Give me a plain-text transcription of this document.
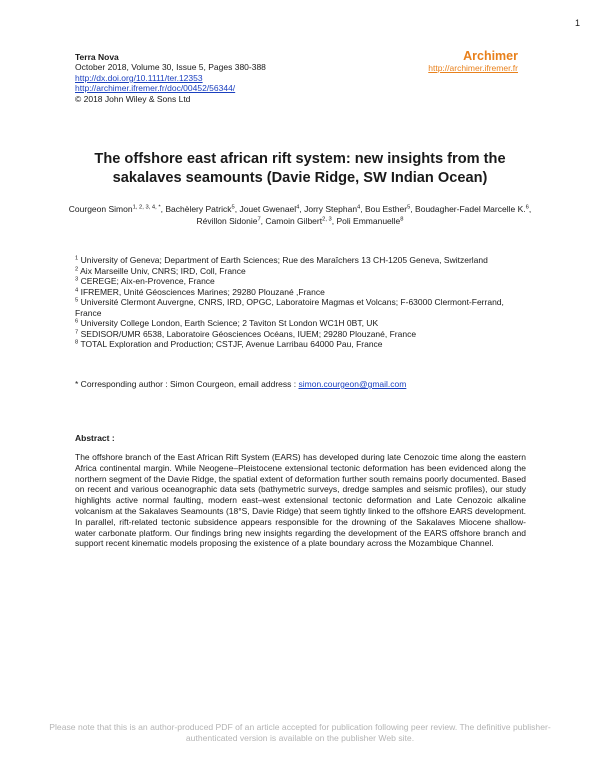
1
Terra Nova
October 2018, Volume 30, Issue 5, Pages 380-388
http://dx.doi.org/10.1111/ter.12353
http://archimer.ifremer.fr/doc/00452/56344/
© 2018 John Wiley & Sons Ltd
Archimer
http://archimer.ifremer.fr
The offshore east african rift system: new insights from the sakalaves seamounts (Davie Ridge, SW Indian Ocean)
Courgeon Simon$^{1, 2, 3, 4, *}$, Bachèlery Patrick$^5$, Jouet Gwenael$^4$, Jorry Stephan$^4$, Bou Esther$^5$, Boudagher-Fadel Marcelle K.$^6$, Révillon Sidonie$^7$, Camoin Gilbert$^{2, 3}$, Poli Emmanuelle$^8$

$^1$ University of Geneva; Department of Earth Sciences; Rue des Maraîchers 13 CH-1205 Geneva, Switzerland

$^2$ Aix Marseille Univ, CNRS; IRD, Coll, France

$^3$ CEREGE; Aix-en-Provence, France

$^4$ IFREMER, Unité Géosciences Marines; 29280 Plouzané ,France

$^5$ Université Clermont Auvergne, CNRS, IRD, OPGC, Laboratoire Magmas et Volcans; F-63000 Clermont-Ferrand, France

$^6$ University College London, Earth Science; 2 Taviton St London WC1H 0BT, UK

$^7$ SEDISOR/UMR 6538, Laboratoire Géosciences Océans, IUEM; 29280 Plouzané, France

$^8$ TOTAL Exploration and Production; CSTJF, Avenue Larribau 64000 Pau, France

* Corresponding author : Simon Courgeon, email address : simon.courgeon@gmail.com
Abstract :

The offshore branch of the East African Rift System (EARS) has developed during late Cenozoic time along the eastern Africa continental margin. While Neogene–Pleistocene extensional tectonic deformation has been evidenced along the northern segment of the Davie Ridge, the spatial extent of deformation further south remains poorly documented. Based on recent and various oceanographic data sets (bathymetric surveys, dredge samples and seismic profiles), our study highlights active normal faulting, modern east–west extensional tectonic deformation and Late Cenozoic alkaline volcanism at the Sakalaves Seamounts (18°S, Davie Ridge) that seem tightly linked to the offshore EARS development. In parallel, rift-related tectonic subsidence appears responsible for the drowning of the Sakalaves Miocene shallow-water carbonate platform. Our findings bring new insights regarding the development of the EARS offshore branch and support recent kinematic models proposing the existence of a plate boundary across the Mozambique Channel.

Please note that this is an author-produced PDF of an article accepted for publication following peer review. The definitive publisher-authenticated version is available on the publisher Web site.
